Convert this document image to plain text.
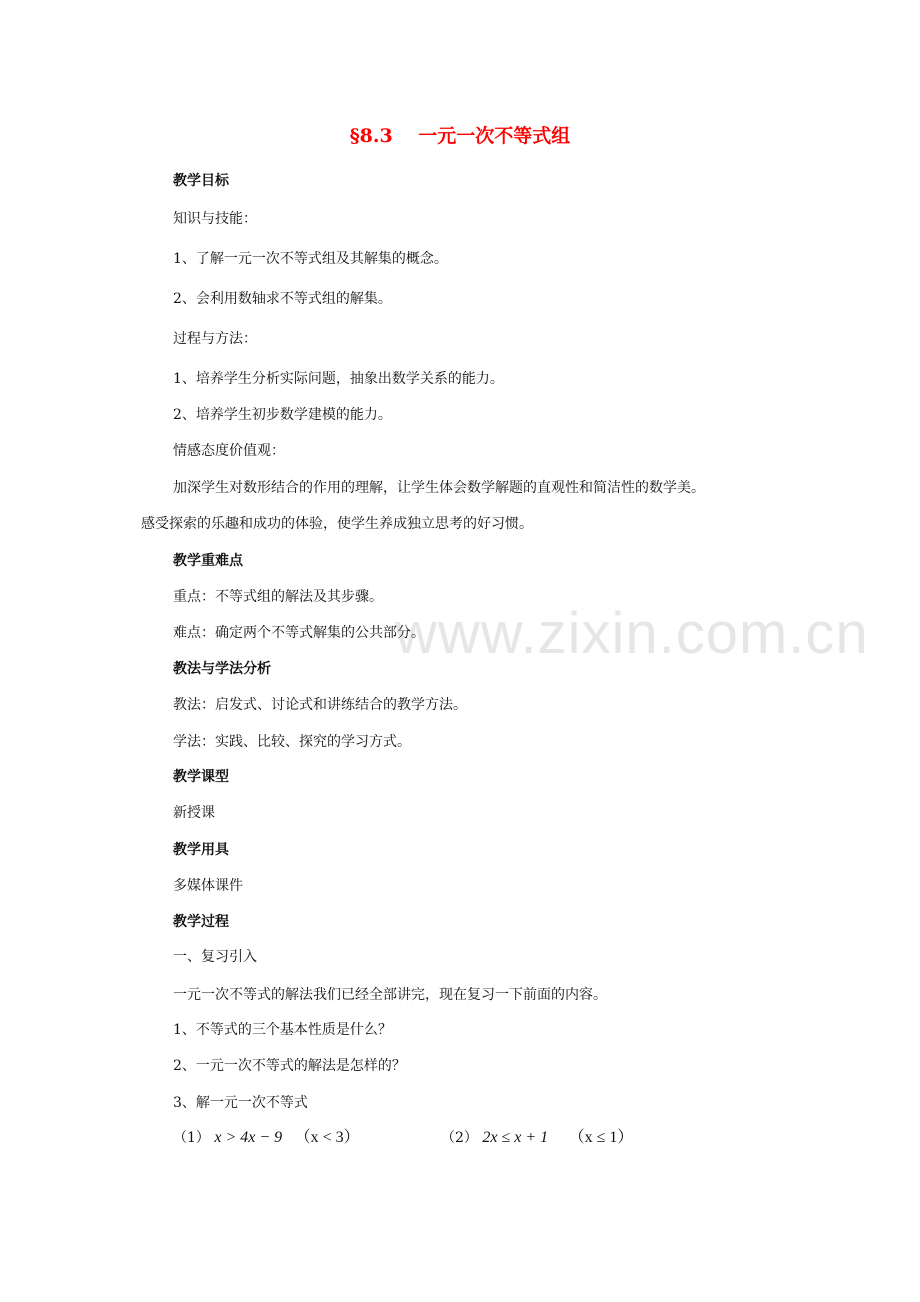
www.zixin.com.cn
§8.3　 一元一次不等式组
教学目标
知识与技能：
1、了解一元一次不等式组及其解集的概念。
2、会利用数轴求不等式组的解集。
过程与方法：
1、培养学生分析实际问题，抽象出数学关系的能力。
2、培养学生初步数学建模的能力。
情感态度价值观：
加深学生对数形结合的作用的理解，让学生体会数学解题的直观性和简洁性的数学美。
感受探索的乐趣和成功的体验，使学生养成独立思考的好习惯。
教学重难点
重点：不等式组的解法及其步骤。
难点：确定两个不等式解集的公共部分。
教法与学法分析
教法：启发式、讨论式和讲练结合的教学方法。
学法：实践、比较、探究的学习方式。
教学课型
新授课
教学用具
多媒体课件
教学过程
一、复习引入
一元一次不等式的解法我们已经全部讲完，现在复习一下前面的内容。
1、不等式的三个基本性质是什么？
2、一元一次不等式的解法是怎样的？
3、解一元一次不等式
（1） x > 4x − 9 （x < 3）	（2） 2x ≤ x + 1 （x ≤ 1）
